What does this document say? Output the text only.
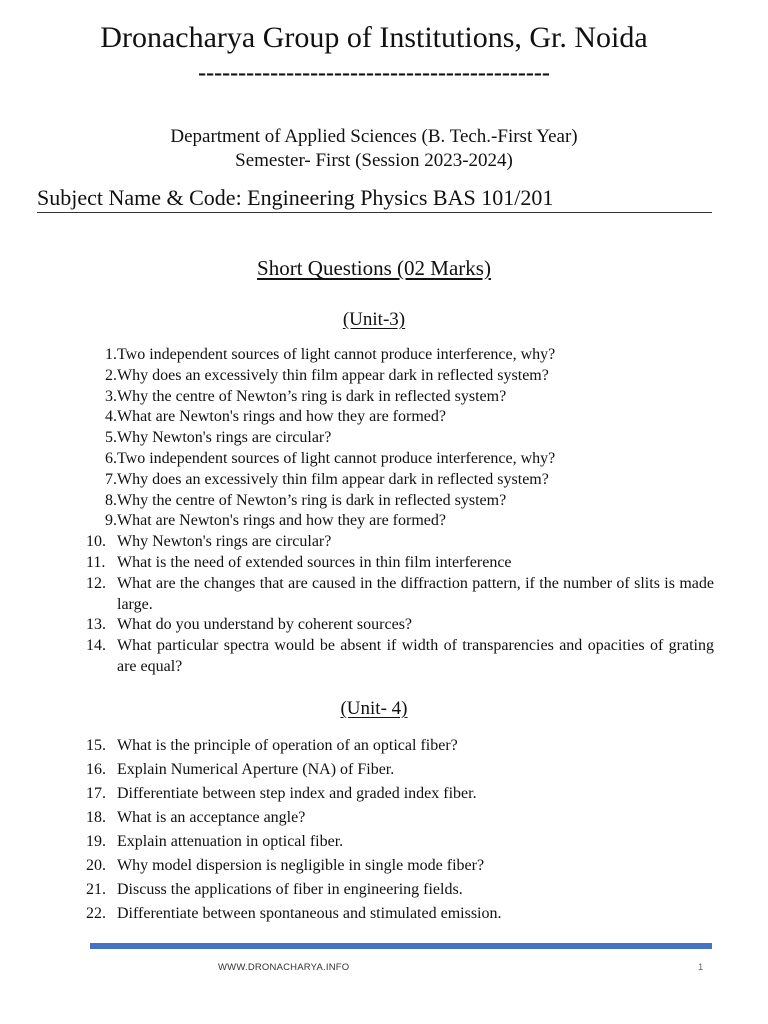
Dronacharya Group of Institutions, Gr. Noida
--------------------------------------------
Department of Applied Sciences (B. Tech.-First Year)
Semester- First (Session 2023-2024)
Subject Name & Code: Engineering Physics BAS 101/201
Short Questions (02 Marks)
(Unit-3)
1. Two independent sources of light cannot produce interference, why?
2. Why does an excessively thin film appear dark in reflected system?
3. Why the centre of Newton’s ring is dark in reflected system?
4. What are Newton's rings and how they are formed?
5. Why Newton's rings are circular?
6. Two independent sources of light cannot produce interference, why?
7. Why does an excessively thin film appear dark in reflected system?
8. Why the centre of Newton’s ring is dark in reflected system?
9. What are Newton's rings and how they are formed?
10. Why Newton's rings are circular?
11. What is the need of extended sources in thin film interference
12. What are the changes that are caused in the diffraction pattern, if the number of slits is made large.
13. What do you understand by coherent sources?
14. What particular spectra would be absent if width of transparencies and opacities of grating are equal?
(Unit- 4)
15. What is the principle of operation of an optical fiber?
16. Explain Numerical Aperture (NA) of Fiber.
17. Differentiate between step index and graded index fiber.
18. What is an acceptance angle?
19. Explain attenuation in optical fiber.
20. Why model dispersion is negligible in single mode fiber?
21. Discuss the applications of fiber in engineering fields.
22. Differentiate between spontaneous and stimulated emission.
WWW.DRONACHARYA.INFO	1
